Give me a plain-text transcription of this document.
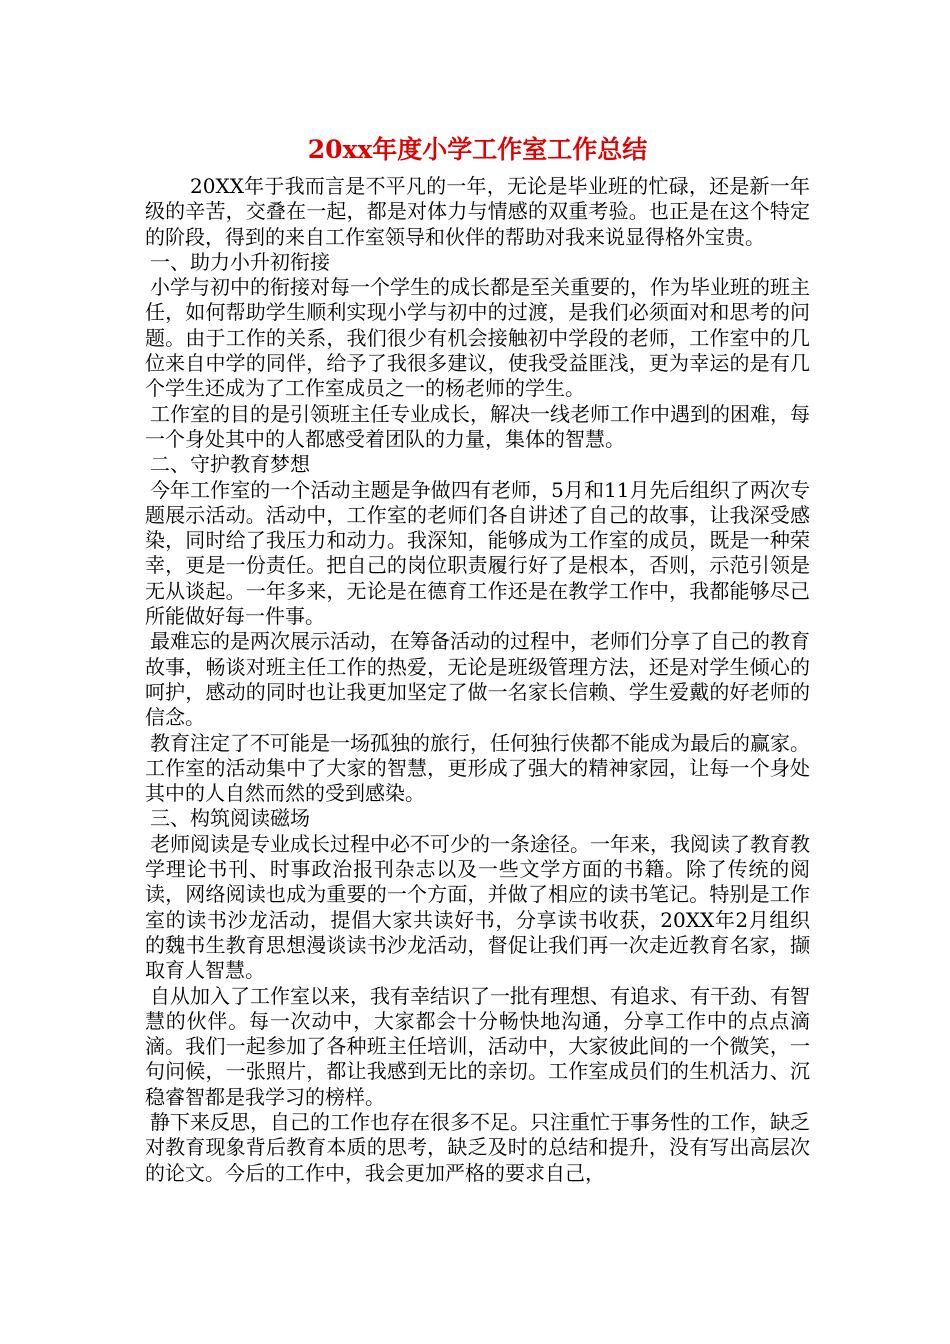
20xx年度小学工作室工作总结

20XX年于我而言是不平凡的一年，无论是毕业班的忙碌，还是新一年级的辛苦，交叠在一起，都是对体力与情感的双重考验。也正是在这个特定的阶段，得到的来自工作室领导和伙伴的帮助对我来说显得格外宝贵。

一、助力小升初衔接

小学与初中的衔接对每一个学生的成长都是至关重要的，作为毕业班的班主任，如何帮助学生顺利实现小学与初中的过渡，是我们必须面对和思考的问题。由于工作的关系，我们很少有机会接触初中学段的老师，工作室中的几位来自中学的同伴，给予了我很多建议，使我受益匪浅，更为幸运的是有几个学生还成为了工作室成员之一的杨老师的学生。

工作室的目的是引领班主任专业成长，解决一线老师工作中遇到的困难，每一个身处其中的人都感受着团队的力量，集体的智慧。

二、守护教育梦想

今年工作室的一个活动主题是争做四有老师，5月和11月先后组织了两次专题展示活动。活动中，工作室的老师们各自讲述了自己的故事，让我深受感染，同时给了我压力和动力。我深知，能够成为工作室的成员，既是一种荣幸，更是一份责任。把自己的岗位职责履行好了是根本，否则，示范引领是无从谈起。一年多来，无论是在德育工作还是在教学工作中，我都能够尽己所能做好每一件事。

最难忘的是两次展示活动，在筹备活动的过程中，老师们分享了自己的教育故事，畅谈对班主任工作的热爱，无论是班级管理方法，还是对学生倾心的呵护，感动的同时也让我更加坚定了做一名家长信赖、学生爱戴的好老师的信念。

教育注定了不可能是一场孤独的旅行，任何独行侠都不能成为最后的赢家。工作室的活动集中了大家的智慧，更形成了强大的精神家园，让每一个身处其中的人自然而然的受到感染。

三、构筑阅读磁场

老师阅读是专业成长过程中必不可少的一条途径。一年来，我阅读了教育教学理论书刊、时事政治报刊杂志以及一些文学方面的书籍。除了传统的阅读，网络阅读也成为重要的一个方面，并做了相应的读书笔记。特别是工作室的读书沙龙活动，提倡大家共读好书，分享读书收获，20XX年2月组织的魏书生教育思想漫谈读书沙龙活动，督促让我们再一次走近教育名家，撷取育人智慧。

自从加入了工作室以来，我有幸结识了一批有理想、有追求、有干劲、有智慧的伙伴。每一次动中，大家都会十分畅快地沟通，分享工作中的点点滴滴。我们一起参加了各种班主任培训，活动中，大家彼此间的一个微笑，一句问候，一张照片，都让我感到无比的亲切。工作室成员们的生机活力、沉稳睿智都是我学习的榜样。

静下来反思，自己的工作也存在很多不足。只注重忙于事务性的工作，缺乏对教育现象背后教育本质的思考，缺乏及时的总结和提升，没有写出高层次的论文。今后的工作中，我会更加严格的要求自己，
